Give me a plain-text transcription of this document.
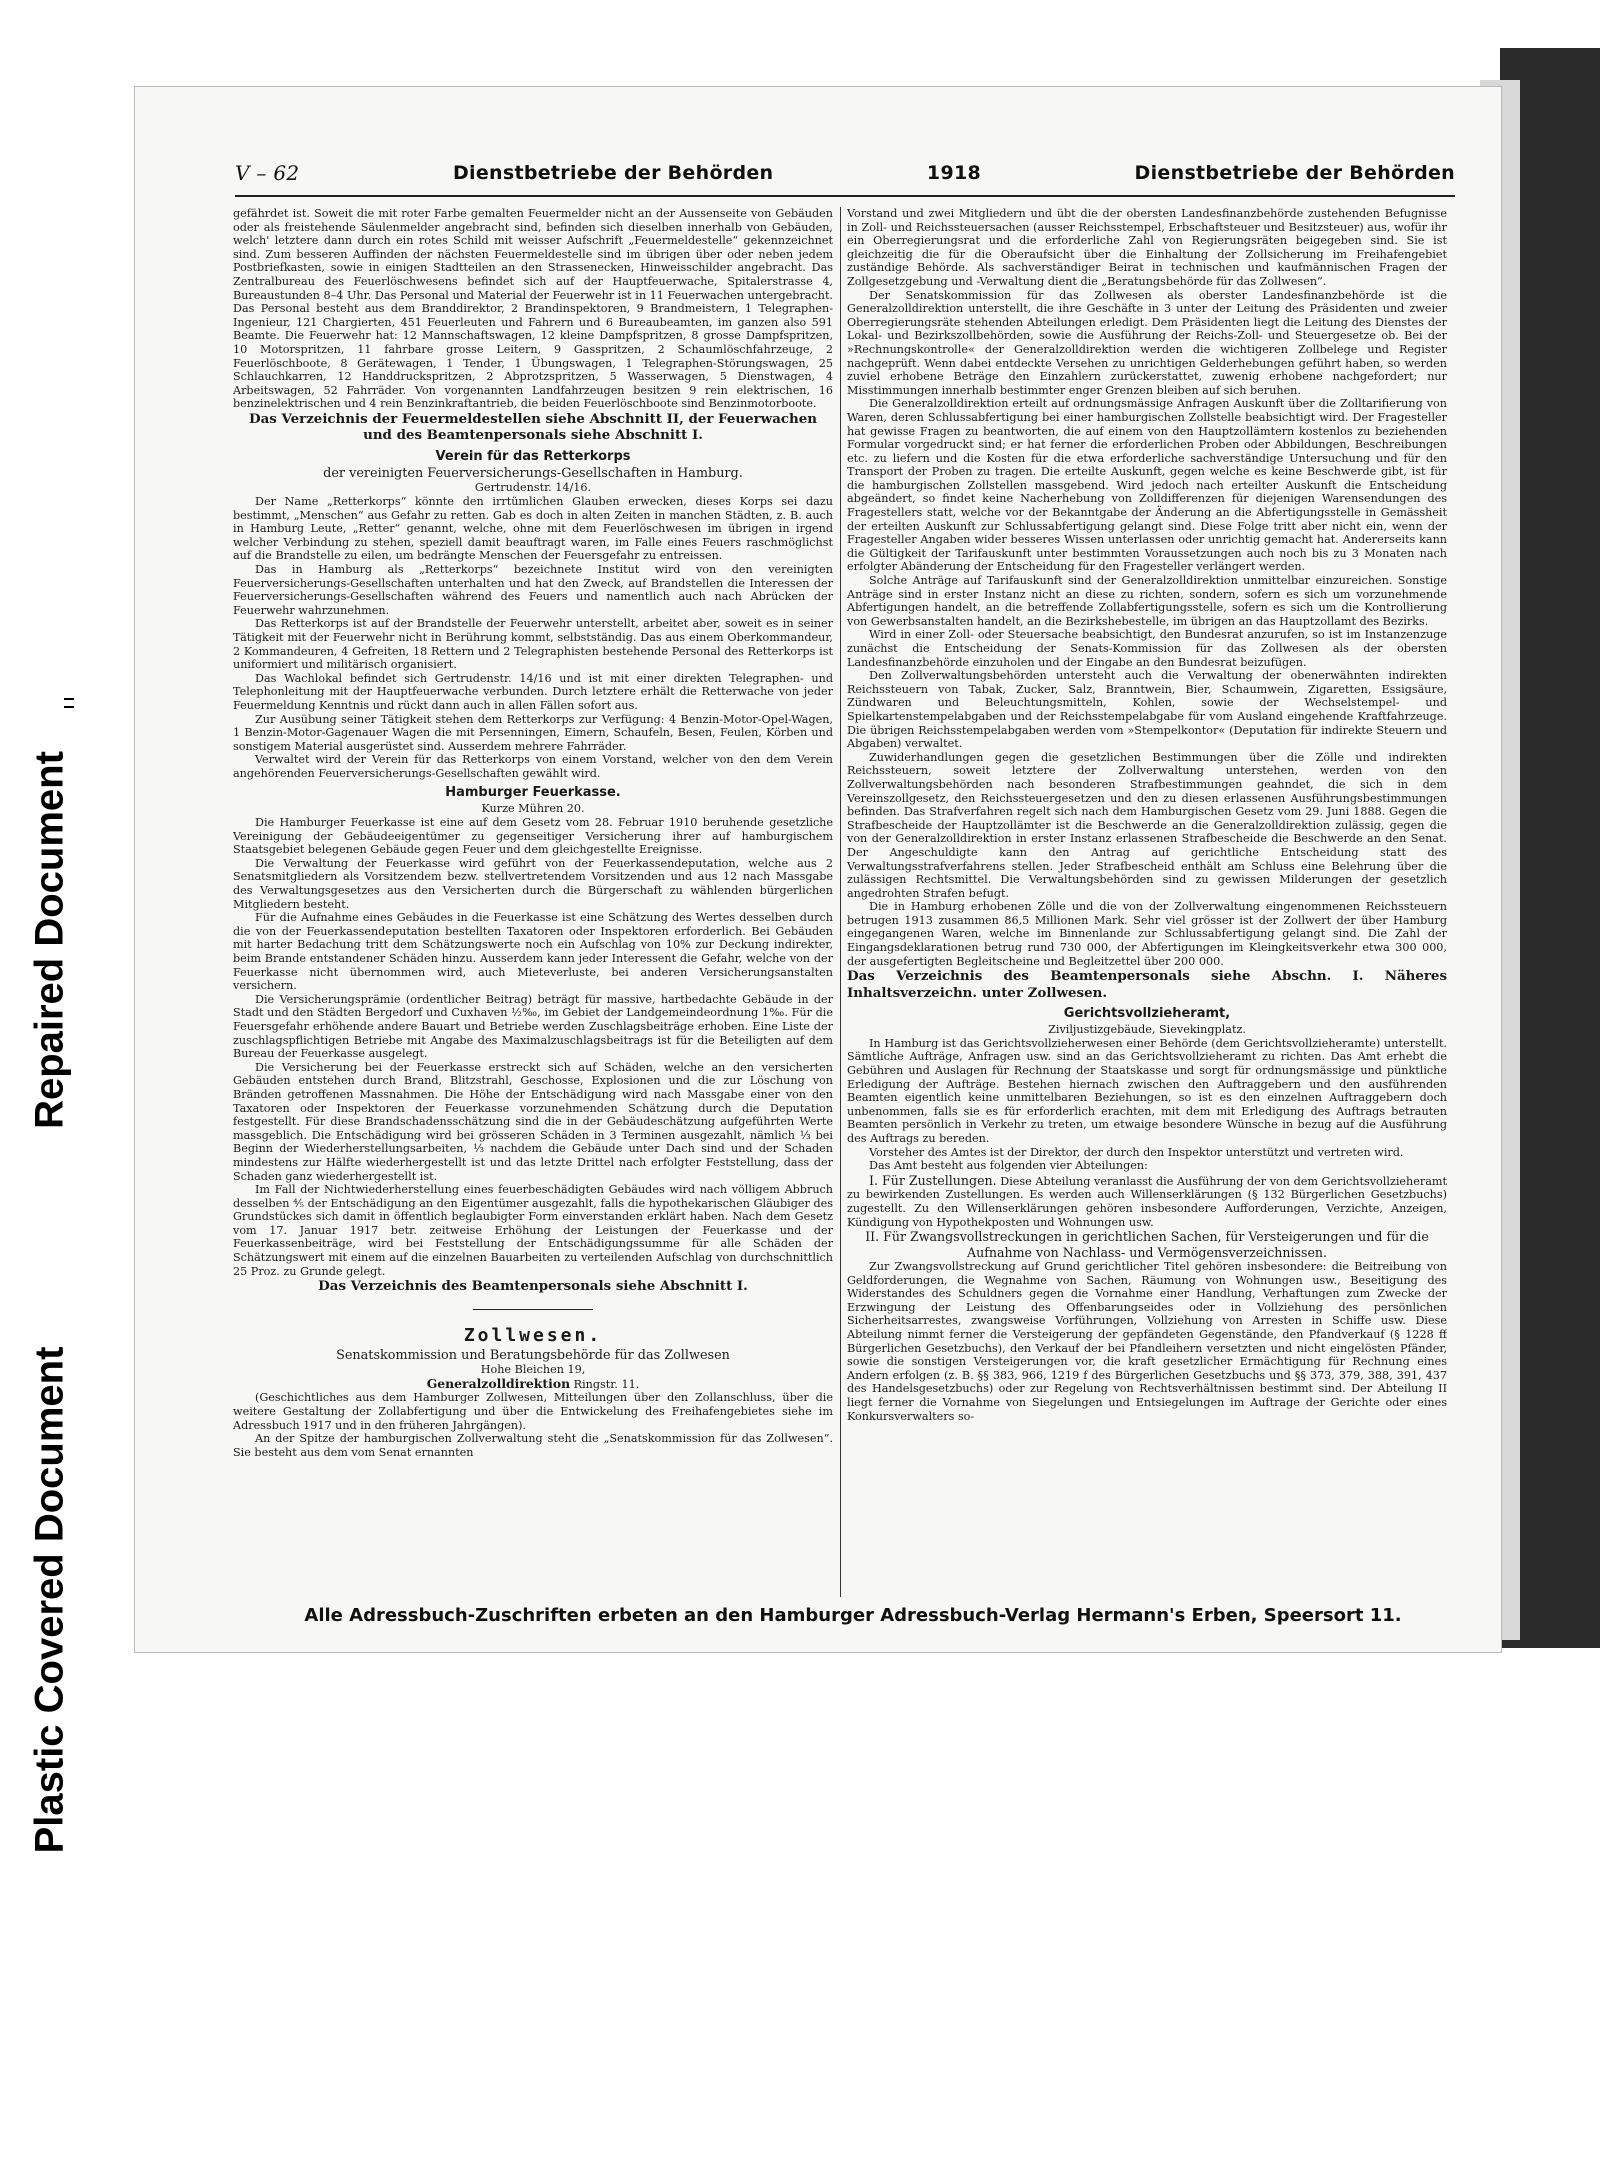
Repaired Document
Plastic Covered Document
V – 62	Dienstbetriebe der Behörden	1918	Dienstbetriebe der Behörden

gefährdet ist. Soweit die mit roter Farbe gemalten Feuermelder nicht an der Aussenseite von Gebäuden oder als freistehende Säulenmelder angebracht sind, befinden sich dieselben innerhalb von Gebäuden, welch' letztere dann durch ein rotes Schild mit weisser Aufschrift „Feuermeldestelle“ gekennzeichnet sind. Zum besseren Auffinden der nächsten Feuermeldestelle sind im übrigen über oder neben jedem Postbriefkasten, sowie in einigen Stadtteilen an den Strassenecken, Hinweisschilder angebracht. Das Zentralbureau des Feuerlöschwesens befindet sich auf der Hauptfeuerwache, Spitalerstrasse 4, Bureaustunden 8–4 Uhr. Das Personal und Material der Feuerwehr ist in 11 Feuerwachen untergebracht. Das Personal besteht aus dem Branddirektor, 2 Brandinspektoren, 9 Brandmeistern, 1 Telegraphen-Ingenieur, 121 Chargierten, 451 Feuerleuten und Fahrern und 6 Bureaubeamten, im ganzen also 591 Beamte. Die Feuerwehr hat: 12 Mannschaftswagen, 12 kleine Dampfspritzen, 8 grosse Dampfspritzen, 10 Motorspritzen, 11 fahrbare grosse Leitern, 9 Gasspritzen, 2 Schaumlöschfahrzeuge, 2 Feuerlöschboote, 8 Gerätewagen, 1 Tender, 1 Übungswagen, 1 Telegraphen-Störungswagen, 25 Schlauchkarren, 12 Handdruckspritzen, 2 Abprotzspritzen, 5 Wasserwagen, 5 Dienstwagen, 4 Arbeitswagen, 52 Fahrräder. Von vorgenannten Landfahrzeugen besitzen 9 rein elektrischen, 16 benzinelektrischen und 4 rein Benzinkraftantrieb, die beiden Feuerlöschboote sind Benzinmotorboote.

Das Verzeichnis der Feuermeldestellen siehe Abschnitt II, der Feuerwachen und des Beamtenpersonals siehe Abschnitt I.

Verein für das Retterkorps
der vereinigten Feuerversicherungs-Gesellschaften in Hamburg.
Gertrudenstr. 14/16.

Der Name „Retterkorps“ könnte den irrtümlichen Glauben erwecken, dieses Korps sei dazu bestimmt, „Menschen“ aus Gefahr zu retten. Gab es doch in alten Zeiten in manchen Städten, z. B. auch in Hamburg Leute, „Retter“ genannt, welche, ohne mit dem Feuerlöschwesen im übrigen in irgend welcher Verbindung zu stehen, speziell damit beauftragt waren, im Falle eines Feuers raschmöglichst auf die Brandstelle zu eilen, um bedrängte Menschen der Feuersgefahr zu entreissen.

Das in Hamburg als „Retterkorps“ bezeichnete Institut wird von den vereinigten Feuerversicherungs-Gesellschaften unterhalten und hat den Zweck, auf Brandstellen die Interessen der Feuerversicherungs-Gesellschaften während des Feuers und namentlich auch nach Abrücken der Feuerwehr wahrzunehmen.

Das Retterkorps ist auf der Brandstelle der Feuerwehr unterstellt, arbeitet aber, soweit es in seiner Tätigkeit mit der Feuerwehr nicht in Berührung kommt, selbstständig. Das aus einem Oberkommandeur, 2 Kommandeuren, 4 Gefreiten, 18 Rettern und 2 Telegraphisten bestehende Personal des Retterkorps ist uniformiert und militärisch organisiert.

Das Wachlokal befindet sich Gertrudenstr. 14/16 und ist mit einer direkten Telegraphen- und Telephonleitung mit der Hauptfeuerwache verbunden. Durch letztere erhält die Retterwache von jeder Feuermeldung Kenntnis und rückt dann auch in allen Fällen sofort aus.

Zur Ausübung seiner Tätigkeit stehen dem Retterkorps zur Verfügung: 4 Benzin-Motor-Opel-Wagen, 1 Benzin-Motor-Gagenauer Wagen die mit Persenningen, Eimern, Schaufeln, Besen, Feulen, Körben und sonstigem Material ausgerüstet sind. Ausserdem mehrere Fahrräder.

Verwaltet wird der Verein für das Retterkorps von einem Vorstand, welcher von den dem Verein angehörenden Feuerversicherungs-Gesellschaften gewählt wird.

Hamburger Feuerkasse.
Kurze Mühren 20.

Die Hamburger Feuerkasse ist eine auf dem Gesetz vom 28. Februar 1910 beruhende gesetzliche Vereinigung der Gebäudeeigentümer zu gegenseitiger Versicherung ihrer auf hamburgischem Staatsgebiet belegenen Gebäude gegen Feuer und dem gleichgestellte Ereignisse.

Die Verwaltung der Feuerkasse wird geführt von der Feuerkassendeputation, welche aus 2 Senatsmitgliedern als Vorsitzendem bezw. stellvertretendem Vorsitzenden und aus 12 nach Massgabe des Verwaltungsgesetzes aus den Versicherten durch die Bürgerschaft zu wählenden bürgerlichen Mitgliedern besteht.

Für die Aufnahme eines Gebäudes in die Feuerkasse ist eine Schätzung des Wertes desselben durch die von der Feuerkassendeputation bestellten Taxatoren oder Inspektoren erforderlich. Bei Gebäuden mit harter Bedachung tritt dem Schätzungswerte noch ein Aufschlag von 10% zur Deckung indirekter, beim Brande entstandener Schäden hinzu. Ausserdem kann jeder Interessent die Gefahr, welche von der Feuerkasse nicht übernommen wird, auch Mieteverluste, bei anderen Versicherungsanstalten versichern.

Die Versicherungsprämie (ordentlicher Beitrag) beträgt für massive, hartbedachte Gebäude in der Stadt und den Städten Bergedorf und Cuxhaven ½‰, im Gebiet der Landgemeindeordnung 1‰. Für die Feuersgefahr erhöhende andere Bauart und Betriebe werden Zuschlagsbeiträge erhoben. Eine Liste der zuschlagspflichtigen Betriebe mit Angabe des Maximalzuschlagsbeitrags ist für die Beteiligten auf dem Bureau der Feuerkasse ausgelegt.

Die Versicherung bei der Feuerkasse erstreckt sich auf Schäden, welche an den versicherten Gebäuden entstehen durch Brand, Blitzstrahl, Geschosse, Explosionen und die zur Löschung von Bränden getroffenen Massnahmen. Die Höhe der Entschädigung wird nach Massgabe einer von den Taxatoren oder Inspektoren der Feuerkasse vorzunehmenden Schätzung durch die Deputation festgestellt. Für diese Brandschadensschätzung sind die in der Gebäudeschätzung aufgeführten Werte massgeblich. Die Entschädigung wird bei grösseren Schäden in 3 Terminen ausgezahlt, nämlich ⅓ bei Beginn der Wiederherstellungsarbeiten, ⅓ nachdem die Gebäude unter Dach sind und der Schaden mindestens zur Hälfte wiederhergestellt ist und das letzte Drittel nach erfolgter Feststellung, dass der Schaden ganz wiederhergestellt ist.

Im Fall der Nichtwiederherstellung eines feuerbeschädigten Gebäudes wird nach völligem Abbruch desselben ⅘ der Entschädigung an den Eigentümer ausgezahlt, falls die hypothekarischen Gläubiger des Grundstückes sich damit in öffentlich beglaubigter Form einverstanden erklärt haben. Nach dem Gesetz vom 17. Januar 1917 betr. zeitweise Erhöhung der Leistungen der Feuerkasse und der Feuerkassenbeiträge, wird bei Feststellung der Entschädigungssumme für alle Schäden der Schätzungswert mit einem auf die einzelnen Bauarbeiten zu verteilenden Aufschlag von durchschnittlich 25 Proz. zu Grunde gelegt.

Das Verzeichnis des Beamtenpersonals siehe Abschnitt I.

Zollwesen.
Senatskommission und Beratungsbehörde für das Zollwesen
Hohe Bleichen 19,
Generalzolldirektion Ringstr. 11.

(Geschichtliches aus dem Hamburger Zollwesen, Mitteilungen über den Zollanschluss, über die weitere Gestaltung der Zollabfertigung und über die Entwickelung des Freihafengebietes siehe im Adressbuch 1917 und in den früheren Jahrgängen).

An der Spitze der hamburgischen Zollverwaltung steht die „Senatskommission für das Zollwesen“. Sie besteht aus dem vom Senat ernannten

Vorstand und zwei Mitgliedern und übt die der obersten Landesfinanzbehörde zustehenden Befugnisse in Zoll- und Reichssteuersachen (ausser Reichsstempel, Erbschaftsteuer und Besitzsteuer) aus, wofür ihr ein Oberregierungsrat und die erforderliche Zahl von Regierungsräten beigegeben sind. Sie ist gleichzeitig die für die Oberaufsicht über die Einhaltung der Zollsicherung im Freihafengebiet zuständige Behörde. Als sachverständiger Beirat in technischen und kaufmännischen Fragen der Zollgesetzgebung und -Verwaltung dient die „Beratungsbehörde für das Zollwesen“.

Der Senatskommission für das Zollwesen als oberster Landesfinanzbehörde ist die Generalzolldirektion unterstellt, die ihre Geschäfte in 3 unter der Leitung des Präsidenten und zweier Oberregierungsräte stehenden Abteilungen erledigt. Dem Präsidenten liegt die Leitung des Dienstes der Lokal- und Bezirkszollbehörden, sowie die Ausführung der Reichs-Zoll- und Steuergesetze ob. Bei der »Rechnungskontrolle« der Generalzolldirektion werden die wichtigeren Zollbelege und Register nachgeprüft. Wenn dabei entdeckte Versehen zu unrichtigen Gelderhebungen geführt haben, so werden zuviel erhobene Beträge den Einzahlern zurückerstattet, zuwenig erhobene nachgefordert; nur Misstimmungen innerhalb bestimmter enger Grenzen bleiben auf sich beruhen.

Die Generalzolldirektion erteilt auf ordnungsmässige Anfragen Auskunft über die Zolltarifierung von Waren, deren Schlussabfertigung bei einer hamburgischen Zollstelle beabsichtigt wird. Der Fragesteller hat gewisse Fragen zu beantworten, die auf einem von den Hauptzollämtern kostenlos zu beziehenden Formular vorgedruckt sind; er hat ferner die erforderlichen Proben oder Abbildungen, Beschreibungen etc. zu liefern und die Kosten für die etwa erforderliche sachverständige Untersuchung und für den Transport der Proben zu tragen. Die erteilte Auskunft, gegen welche es keine Beschwerde gibt, ist für die hamburgischen Zollstellen massgebend. Wird jedoch nach erteilter Auskunft die Entscheidung abgeändert, so findet keine Nacherhebung von Zolldifferenzen für diejenigen Warensendungen des Fragestellers statt, welche vor der Bekanntgabe der Änderung an die Abfertigungsstelle in Gemässheit der erteilten Auskunft zur Schlussabfertigung gelangt sind. Diese Folge tritt aber nicht ein, wenn der Fragesteller Angaben wider besseres Wissen unterlassen oder unrichtig gemacht hat. Andererseits kann die Gültigkeit der Tarifauskunft unter bestimmten Voraussetzungen auch noch bis zu 3 Monaten nach erfolgter Abänderung der Entscheidung für den Fragesteller verlängert werden.

Solche Anträge auf Tarifauskunft sind der Generalzolldirektion unmittelbar einzureichen. Sonstige Anträge sind in erster Instanz nicht an diese zu richten, sondern, sofern es sich um vorzunehmende Abfertigungen handelt, an die betreffende Zollabfertigungsstelle, sofern es sich um die Kontrollierung von Gewerbsanstalten handelt, an die Bezirkshebestelle, im übrigen an das Hauptzollamt des Bezirks.

Wird in einer Zoll- oder Steuersache beabsichtigt, den Bundesrat anzurufen, so ist im Instanzenzuge zunächst die Entscheidung der Senats-Kommission für das Zollwesen als der obersten Landesfinanzbehörde einzuholen und der Eingabe an den Bundesrat beizufügen.

Den Zollverwaltungsbehörden untersteht auch die Verwaltung der obenerwähnten indirekten Reichssteuern von Tabak, Zucker, Salz, Branntwein, Bier, Schaumwein, Zigaretten, Essigsäure, Zündwaren und Beleuchtungsmitteln, Kohlen, sowie der Wechselstempel- und Spielkartenstempelabgaben und der Reichsstempelabgabe für vom Ausland eingehende Kraftfahrzeuge. Die übrigen Reichsstempelabgaben werden vom »Stempelkontor« (Deputation für indirekte Steuern und Abgaben) verwaltet.

Zuwiderhandlungen gegen die gesetzlichen Bestimmungen über die Zölle und indirekten Reichssteuern, soweit letztere der Zollverwaltung unterstehen, werden von den Zollverwaltungsbehörden nach besonderen Strafbestimmungen geahndet, die sich in dem Vereinszollgesetz, den Reichssteuergesetzen und den zu diesen erlassenen Ausführungsbestimmungen befinden. Das Strafverfahren regelt sich nach dem Hamburgischen Gesetz vom 29. Juni 1888. Gegen die Strafbescheide der Hauptzollämter ist die Beschwerde an die Generalzolldirektion zulässig, gegen die von der Generalzolldirektion in erster Instanz erlassenen Strafbescheide die Beschwerde an den Senat. Der Angeschuldigte kann den Antrag auf gerichtliche Entscheidung statt des Verwaltungsstrafverfahrens stellen. Jeder Strafbescheid enthält am Schluss eine Belehrung über die zulässigen Rechtsmittel. Die Verwaltungsbehörden sind zu gewissen Milderungen der gesetzlich angedrohten Strafen befugt.

Die in Hamburg erhobenen Zölle und die von der Zollverwaltung eingenommenen Reichssteuern betrugen 1913 zusammen 86,5 Millionen Mark. Sehr viel grösser ist der Zollwert der über Hamburg eingegangenen Waren, welche im Binnenlande zur Schlussabfertigung gelangt sind. Die Zahl der Eingangsdeklarationen betrug rund 730 000, der Abfertigungen im Kleingkeitsverkehr etwa 300 000, der ausgefertigten Begleitscheine und Begleitzettel über 200 000.

Das Verzeichnis des Beamtenpersonals siehe Abschn. I. Näheres Inhaltsverzeichn. unter Zollwesen.

Gerichtsvollzieheramt,
Ziviljustizgebäude, Sievekingplatz.

In Hamburg ist das Gerichtsvollzieherwesen einer Behörde (dem Gerichtsvollzieheramte) unterstellt. Sämtliche Aufträge, Anfragen usw. sind an das Gerichtsvollzieheramt zu richten. Das Amt erhebt die Gebühren und Auslagen für Rechnung der Staatskasse und sorgt für ordnungsmässige und pünktliche Erledigung der Aufträge. Bestehen hiernach zwischen den Auftraggebern und den ausführenden Beamten eigentlich keine unmittelbaren Beziehungen, so ist es den einzelnen Auftraggebern doch unbenommen, falls sie es für erforderlich erachten, mit dem mit Erledigung des Auftrags betrauten Beamten persönlich in Verkehr zu treten, um etwaige besondere Wünsche in bezug auf die Ausführung des Auftrags zu bereden.

Vorsteher des Amtes ist der Direktor, der durch den Inspektor unterstützt und vertreten wird.

Das Amt besteht aus folgenden vier Abteilungen:

I. Für Zustellungen. Diese Abteilung veranlasst die Ausführung der von dem Gerichtsvollzieheramt zu bewirkenden Zustellungen. Es werden auch Willenserklärungen (§ 132 Bürgerlichen Gesetzbuchs) zugestellt. Zu den Willenserklärungen gehören insbesondere Aufforderungen, Verzichte, Anzeigen, Kündigung von Hypothekposten und Wohnungen usw.

II. Für Zwangsvollstreckungen in gerichtlichen Sachen, für Versteigerungen und für die Aufnahme von Nachlass- und Vermögensverzeichnissen.

Zur Zwangsvollstreckung auf Grund gerichtlicher Titel gehören insbesondere: die Beitreibung von Geldforderungen, die Wegnahme von Sachen, Räumung von Wohnungen usw., Beseitigung des Widerstandes des Schuldners gegen die Vornahme einer Handlung, Verhaftungen zum Zwecke der Erzwingung der Leistung des Offenbarungseides oder in Vollziehung des persönlichen Sicherheitsarrestes, zwangsweise Vorführungen, Vollziehung von Arresten in Schiffe usw. Diese Abteilung nimmt ferner die Versteigerung der gepfändeten Gegenstände, den Pfandverkauf (§ 1228 ff Bürgerlichen Gesetzbuchs), den Verkauf der bei Pfandleihern versetzten und nicht eingelösten Pfänder, sowie die sonstigen Versteigerungen vor, die kraft gesetzlicher Ermächtigung für Rechnung eines Andern erfolgen (z. B. §§ 383, 966, 1219 f des Bürgerlichen Gesetzbuchs und §§ 373, 379, 388, 391, 437 des Handelsgesetzbuchs) oder zur Regelung von Rechtsverhältnissen bestimmt sind. Der Abteilung II liegt ferner die Vornahme von Siegelungen und Entsiegelungen im Auftrage der Gerichte oder eines Konkursverwalters so-

Alle Adressbuch-Zuschriften erbeten an den Hamburger Adressbuch-Verlag Hermann's Erben, Speersort 11.
